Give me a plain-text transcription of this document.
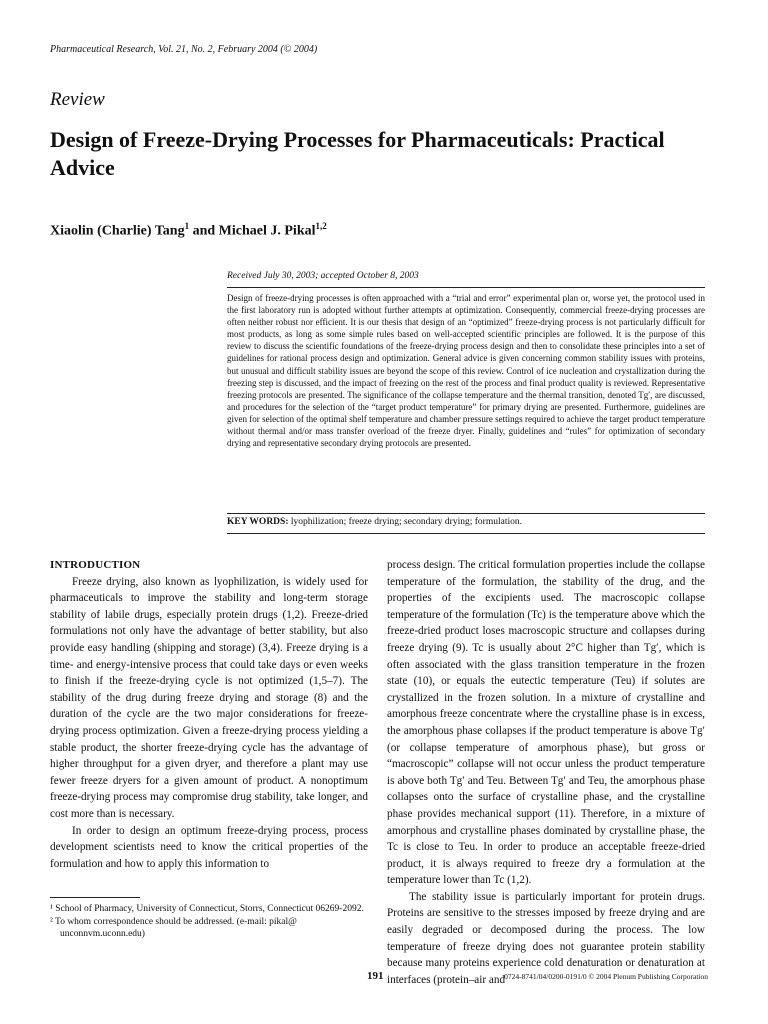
Pharmaceutical Research, Vol. 21, No. 2, February 2004 (© 2004)
Review
Design of Freeze-Drying Processes for Pharmaceuticals: Practical Advice
Xiaolin (Charlie) Tang$^1$ and Michael J. Pikal$^{1,2}$
Received July 30, 2003; accepted October 8, 2003

Design of freeze-drying processes is often approached with a “trial and error” experimental plan or, worse yet, the protocol used in the first laboratory run is adopted without further attempts at optimization. Consequently, commercial freeze-drying processes are often neither robust nor efficient. It is our thesis that design of an “optimized” freeze-drying process is not particularly difficult for most products, as long as some simple rules based on well-accepted scientific principles are followed. It is the purpose of this review to discuss the scientific foundations of the freeze-drying process design and then to consolidate these principles into a set of guidelines for rational process design and optimization. General advice is given concerning common stability issues with proteins, but unusual and difficult stability issues are beyond the scope of this review. Control of ice nucleation and crystallization during the freezing step is discussed, and the impact of freezing on the rest of the process and final product quality is reviewed. Representative freezing protocols are presented. The significance of the collapse temperature and the thermal transition, denoted Tg′, are discussed, and procedures for the selection of the “target product temperature” for primary drying are presented. Furthermore, guidelines are given for selection of the optimal shelf temperature and chamber pressure settings required to achieve the target product temperature without thermal and/or mass transfer overload of the freeze dryer. Finally, guidelines and “rules” for optimization of secondary drying and representative secondary drying protocols are presented.

KEY WORDS: lyophilization; freeze drying; secondary drying; formulation.

INTRODUCTION

Freeze drying, also known as lyophilization, is widely used for pharmaceuticals to improve the stability and long-term storage stability of labile drugs, especially protein drugs (1,2). Freeze-dried formulations not only have the advantage of better stability, but also provide easy handling (shipping and storage) (3,4). Freeze drying is a time- and energy-intensive process that could take days or even weeks to finish if the freeze-drying cycle is not optimized (1,5–7). The stability of the drug during freeze drying and storage (8) and the duration of the cycle are the two major considerations for freeze-drying process optimization. Given a freeze-drying process yielding a stable product, the shorter freeze-drying cycle has the advantage of higher throughput for a given dryer, and therefore a plant may use fewer freeze dryers for a given amount of product. A nonoptimum freeze-drying process may compromise drug stability, take longer, and cost more than is necessary.

In order to design an optimum freeze-drying process, process development scientists need to know the critical properties of the formulation and how to apply this information to

process design. The critical formulation properties include the collapse temperature of the formulation, the stability of the drug, and the properties of the excipients used. The macroscopic collapse temperature of the formulation (Tc) is the temperature above which the freeze-dried product loses macroscopic structure and collapses during freeze drying (9). Tc is usually about 2°C higher than Tg′, which is often associated with the glass transition temperature in the frozen state (10), or equals the eutectic temperature (Teu) if solutes are crystallized in the frozen solution. In a mixture of crystalline and amorphous freeze concentrate where the crystalline phase is in excess, the amorphous phase collapses if the product temperature is above Tg′ (or collapse temperature of amorphous phase), but gross or “macroscopic” collapse will not occur unless the product temperature is above both Tg′ and Teu. Between Tg′ and Teu, the amorphous phase collapses onto the surface of crystalline phase, and the crystalline phase provides mechanical support (11). Therefore, in a mixture of amorphous and crystalline phases dominated by crystalline phase, the Tc is close to Teu. In order to produce an acceptable freeze-dried product, it is always required to freeze dry a formulation at the temperature lower than Tc (1,2).

The stability issue is particularly important for protein drugs. Proteins are sensitive to the stresses imposed by freeze drying and are easily degraded or decomposed during the process. The low temperature of freeze drying does not guarantee protein stability because many proteins experience cold denaturation or denaturation at interfaces (protein–air and

¹ School of Pharmacy, University of Connecticut, Storrs, Connecticut 06269-2092.

² To whom correspondence should be addressed. (e-mail: pikal@ unconnvm.uconn.edu)

191	0724-8741/04/0200-0191/0 © 2004 Plenum Publishing Corporation
